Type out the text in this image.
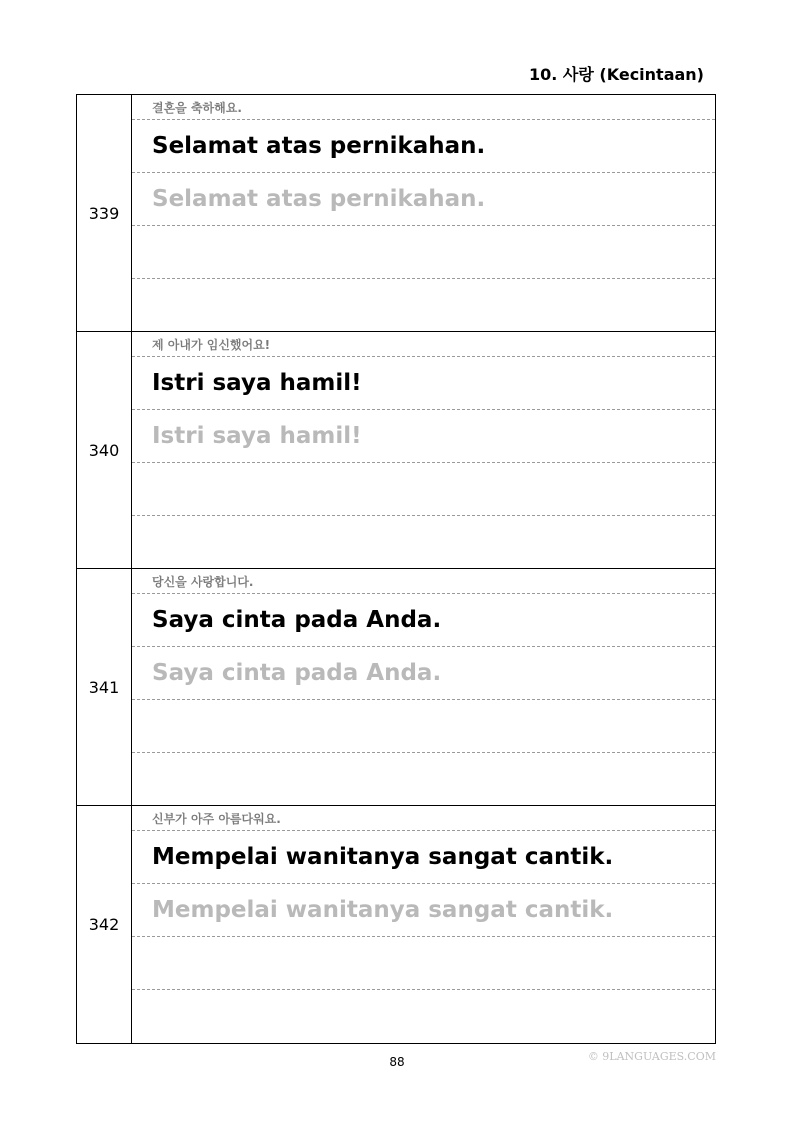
10. 사랑 (Kecintaan)
339
결혼을 축하해요.
Selamat atas pernikahan.
Selamat atas pernikahan.
340
제 아내가 임신했어요!
Istri saya hamil!
Istri saya hamil!
341
당신을 사랑합니다.
Saya cinta pada Anda.
Saya cinta pada Anda.
342
신부가 아주 아름다워요.
Mempelai wanitanya sangat cantik.
Mempelai wanitanya sangat cantik.
88	© 9LANGUAGES.COM
